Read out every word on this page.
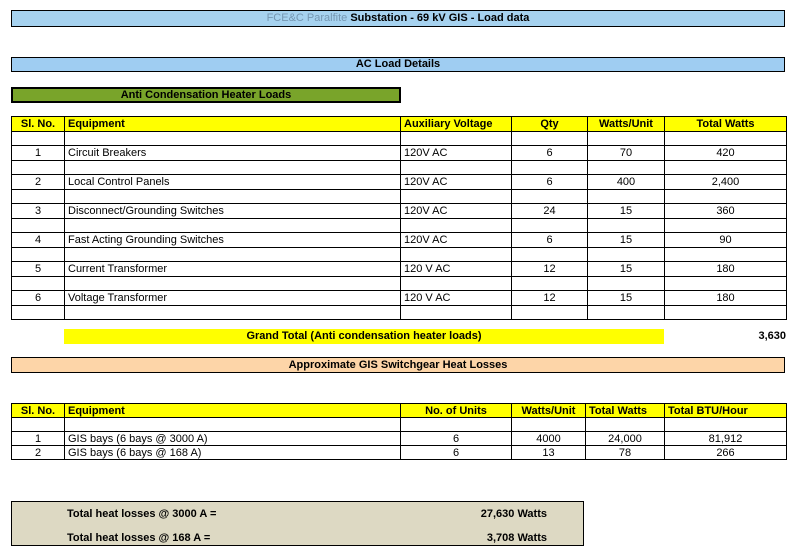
FCE&C Paralfite Substation - 69 kV GIS - Load data
AC Load Details
Anti Condensation Heater Loads
Sl. No.	Equipment	Auxiliary Voltage	Qty	Watts/Unit	Total Watts

1	Circuit Breakers	120V AC	6	70	420

2	Local Control Panels	120V AC	6	400	2,400

3	Disconnect/Grounding Switches	120V AC	24	15	360

4	Fast Acting Grounding Switches	120V AC	6	15	90

5	Current Transformer	120 V AC	12	15	180

6	Voltage Transformer	120 V AC	12	15	180

Grand Total (Anti condensation heater loads)	3,630
Approximate GIS Switchgear Heat Losses
Sl. No.	Equipment	No. of Units	Watts/Unit	Total Watts	Total BTU/Hour

1	GIS bays (6 bays @ 3000 A)	6	4000	24,000	81,912
2	GIS bays (6 bays @ 168 A)	6	13	78	266
Total heat losses @ 3000 A =	27,630 Watts
Total heat losses @ 168 A =	3,708 Watts
